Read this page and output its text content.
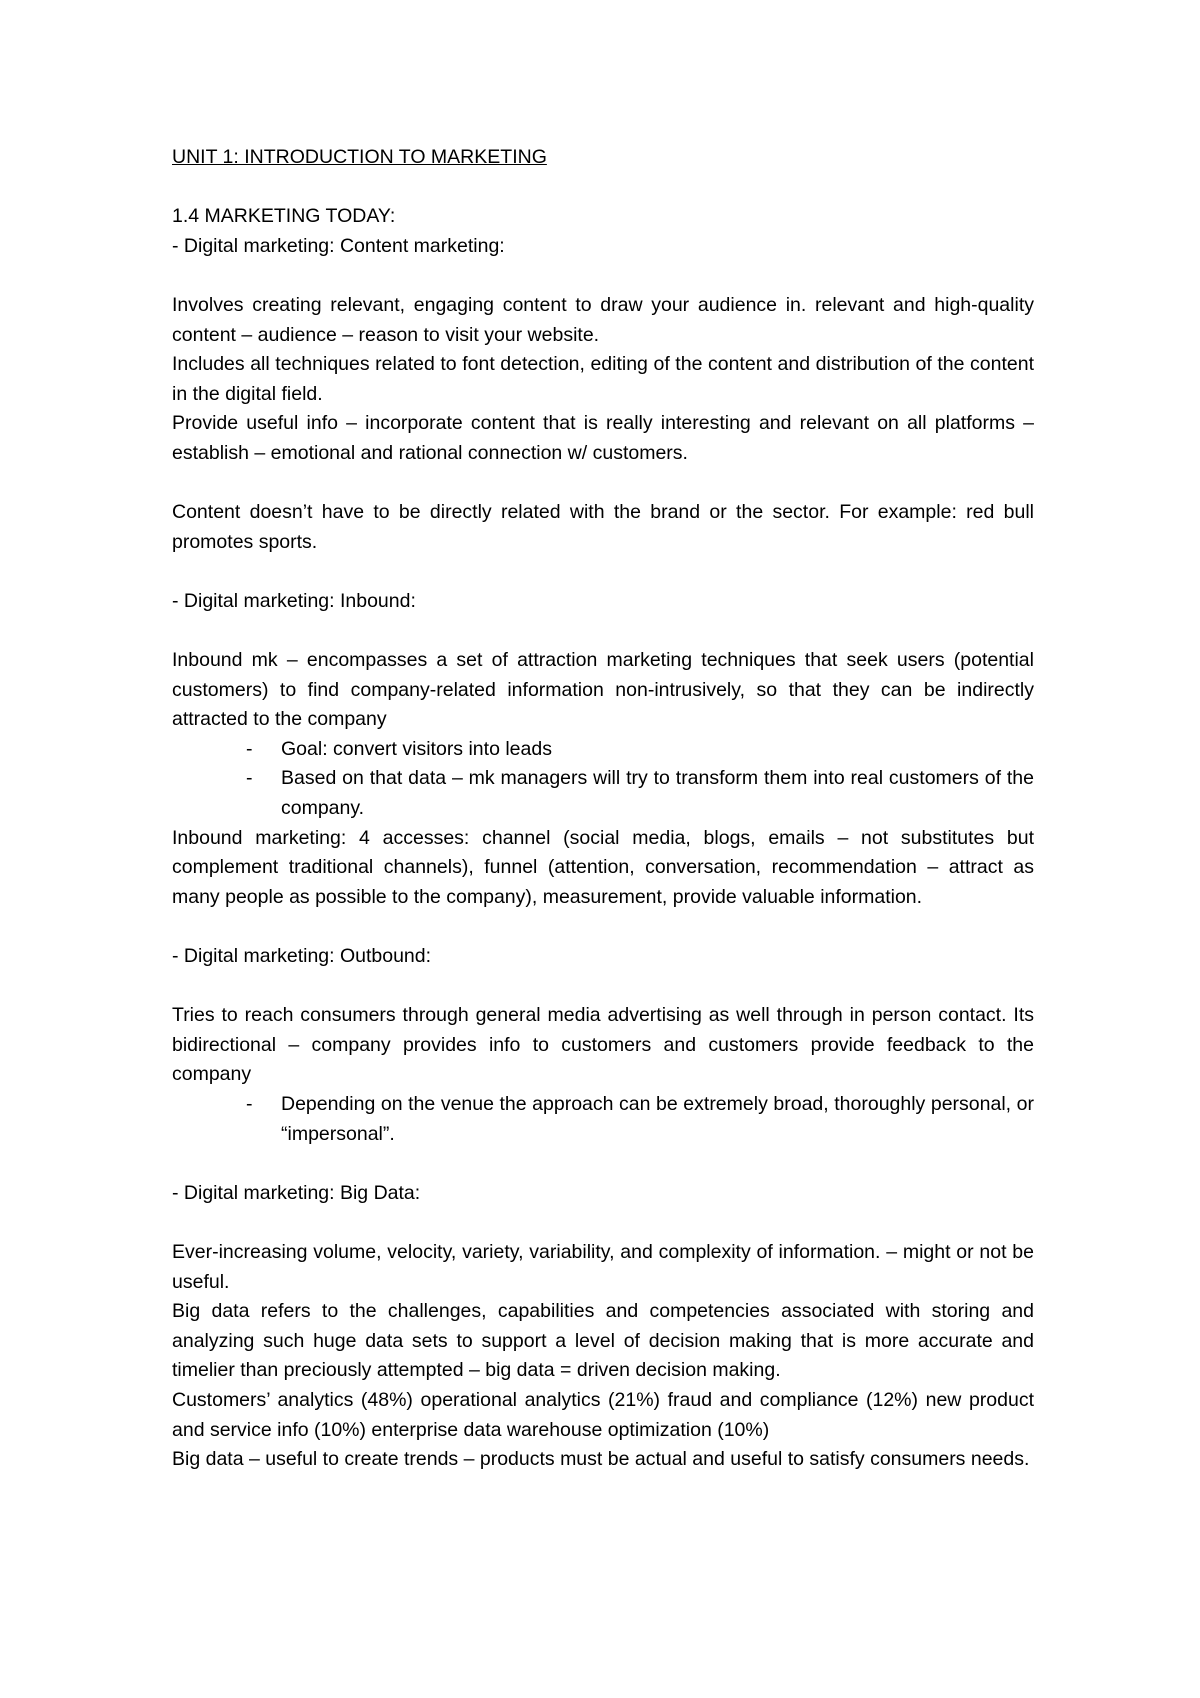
UNIT 1: INTRODUCTION TO MARKETING

1.4 MARKETING TODAY:

- Digital marketing: Content marketing:

Involves creating relevant, engaging content to draw your audience in. relevant and high-quality content – audience – reason to visit your website.

Includes all techniques related to font detection, editing of the content and distribution of the content in the digital field.

Provide useful info – incorporate content that is really interesting and relevant on all platforms – establish – emotional and rational connection w/ customers.

Content doesn’t have to be directly related with the brand or the sector. For example: red bull promotes sports.

- Digital marketing: Inbound:

Inbound mk – encompasses a set of attraction marketing techniques that seek users (potential customers) to find company-related information non-intrusively, so that they can be indirectly attracted to the company

- Goal: convert visitors into leads
- Based on that data – mk managers will try to transform them into real customers of the company.

Inbound marketing: 4 accesses: channel (social media, blogs, emails – not substitutes but complement traditional channels), funnel (attention, conversation, recommendation – attract as many people as possible to the company), measurement, provide valuable information.

- Digital marketing: Outbound:

Tries to reach consumers through general media advertising as well through in person contact. Its bidirectional – company provides info to customers and customers provide feedback to the company

- Depending on the venue the approach can be extremely broad, thoroughly personal, or “impersonal”.

- Digital marketing: Big Data:

Ever-increasing volume, velocity, variety, variability, and complexity of information. – might or not be useful.

Big data refers to the challenges, capabilities and competencies associated with storing and analyzing such huge data sets to support a level of decision making that is more accurate and timelier than preciously attempted – big data = driven decision making.

Customers’ analytics (48%) operational analytics (21%) fraud and compliance (12%) new product and service info (10%) enterprise data warehouse optimization (10%)

Big data – useful to create trends – products must be actual and useful to satisfy consumers needs.
